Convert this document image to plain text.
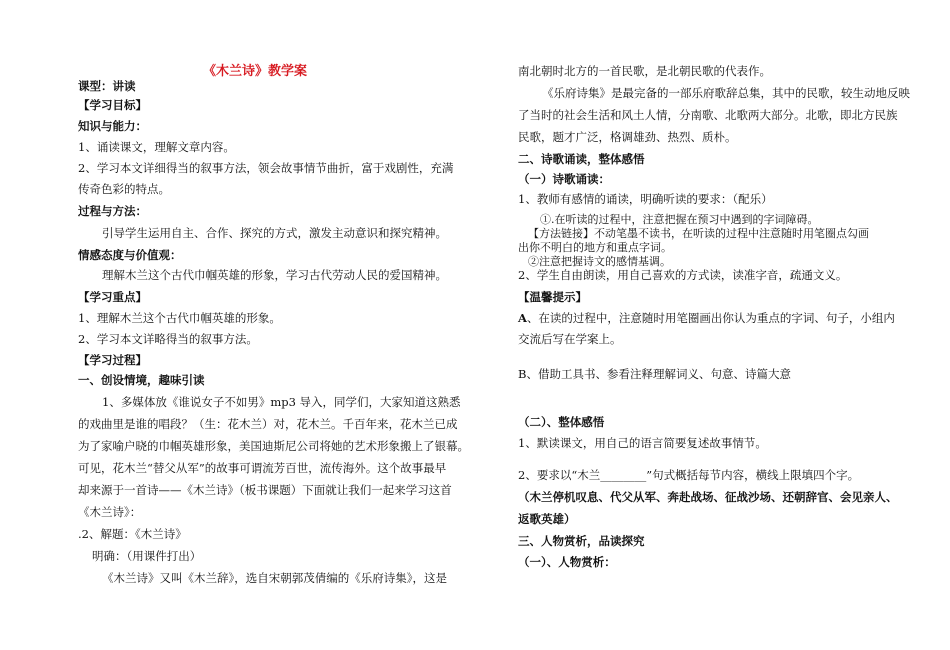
《木兰诗》教学案
课型：讲读
【学习目标】
知识与能力：
1、诵读课文，理解文章内容。
2、学习本文详细得当的叙事方法，领会故事情节曲折，富于戏剧性，充满
传奇色彩的特点。
过程与方法：
引导学生运用自主、合作、探究的方式，激发主动意识和探究精神。
情感态度与价值观：
理解木兰这个古代巾帼英雄的形象，学习古代劳动人民的爱国精神。
【学习重点】
1、理解木兰这个古代巾帼英雄的形象。
2、学习本文详略得当的叙事方法。
【学习过程】
一、创设情境，趣味引读
1、多媒体放《谁说女子不如男》mp3 导入，同学们，大家知道这熟悉
的戏曲里是谁的唱段？（生：花木兰）对，花木兰。千百年来，花木兰已成
为了家喻户晓的巾帼英雄形象，美国迪斯尼公司将她的艺术形象搬上了银幕。
可见，花木兰“替父从军”的故事可谓流芳百世，流传海外。这个故事最早
却来源于一首诗——《木兰诗》（板书课题）下面就让我们一起来学习这首
《木兰诗》：
.2、解题：《木兰诗》
明确：（用课件打出）
《木兰诗》又叫《木兰辞》，选自宋朝郭茂倩编的《乐府诗集》，这是
南北朝时北方的一首民歌，是北朝民歌的代表作。
《乐府诗集》是最完备的一部乐府歌辞总集，其中的民歌，较生动地反映
了当时的社会生活和风土人情，分南歌、北歌两大部分。北歌，即北方民族
民歌，题才广泛，格调雄劲、热烈、质朴。
二、诗歌诵读，整体感悟
（一）诗歌诵读：
1、教师有感情的诵读，明确听读的要求：（配乐）
①.在听读的过程中，注意把握在预习中遇到的字词障碍。
【方法链接】不动笔墨不读书，在听读的过程中注意随时用笔圈点勾画
出你不明白的地方和重点字词。
②注意把握诗文的感情基调。
2、学生自由朗读，用自己喜欢的方式读，读准字音，疏通文义。
【温馨提示】
A、在读的过程中，注意随时用笔圈画出你认为重点的字词、句子，小组内
交流后写在学案上。
B、借助工具书、参看注释理解词义、句意、诗篇大意
（二）、整体感悟
1、默读课文，用自己的语言简要复述故事情节。
2、要求以“木兰________”句式概括每节内容，横线上限填四个字。
（木兰停机叹息、代父从军、奔赴战场、征战沙场、还朝辞官、会见亲人、
返歌英雄）
三、人物赏析，品读探究
（一）、人物赏析：
